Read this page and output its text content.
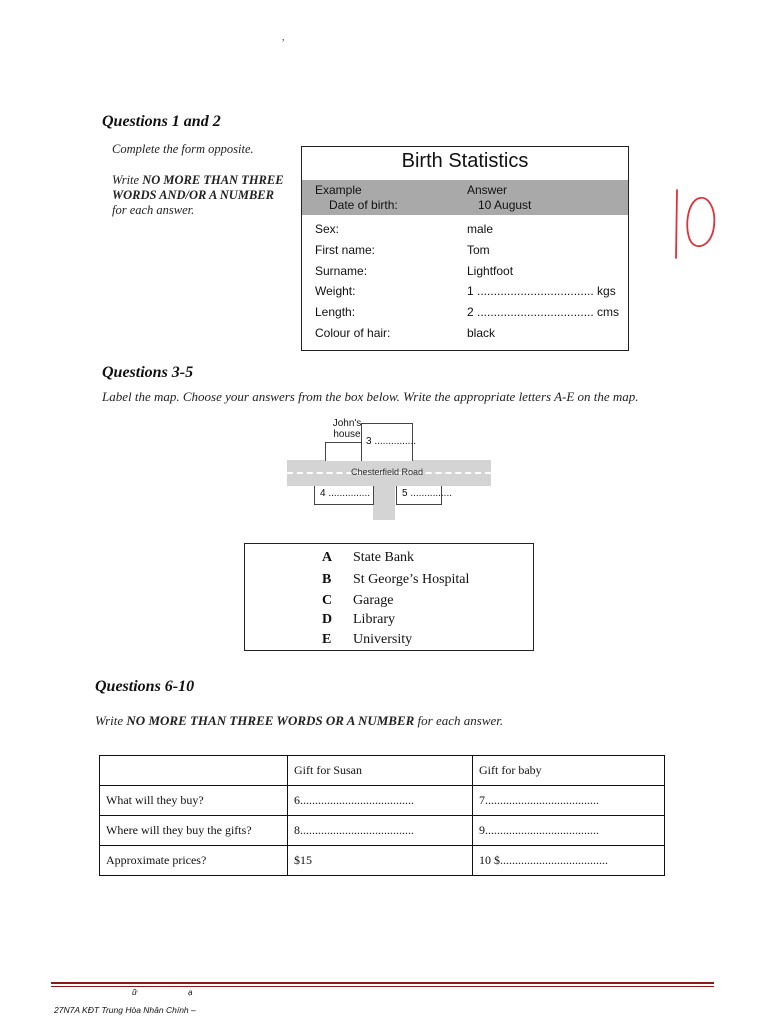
,
Questions 1 and 2
Complete the form opposite.
Write NO MORE THAN THREE WORDS AND/OR A NUMBER for each answer.
Birth Statistics
Example	Answer
Date of birth:	10 August
Sex:	male
First name:	Tom
Surname:	Lightfoot
Weight:	1 ................................... kgs
Length:	2 ................................... cms
Colour of hair:	black
Questions 3-5
Label the map. Choose your answers from the box below. Write the appropriate letters A-E on the map.
Chesterfield Road
John's house
3 ...............
4 ...............	5 ...............
A State Bank
B St George’s Hospital
C Garage
D Library
E University
Questions 6-10
Write NO MORE THAN THREE WORDS OR A NUMBER for each answer.
	Gift for Susan	Gift for baby
What will they buy?	6......................................	7......................................
Where will they buy the gifts?	8......................................	9......................................
Approximate prices?	$15	10 $....................................
ữ	ạ
27N7A KĐT Trung Hòa Nhân Chính –
